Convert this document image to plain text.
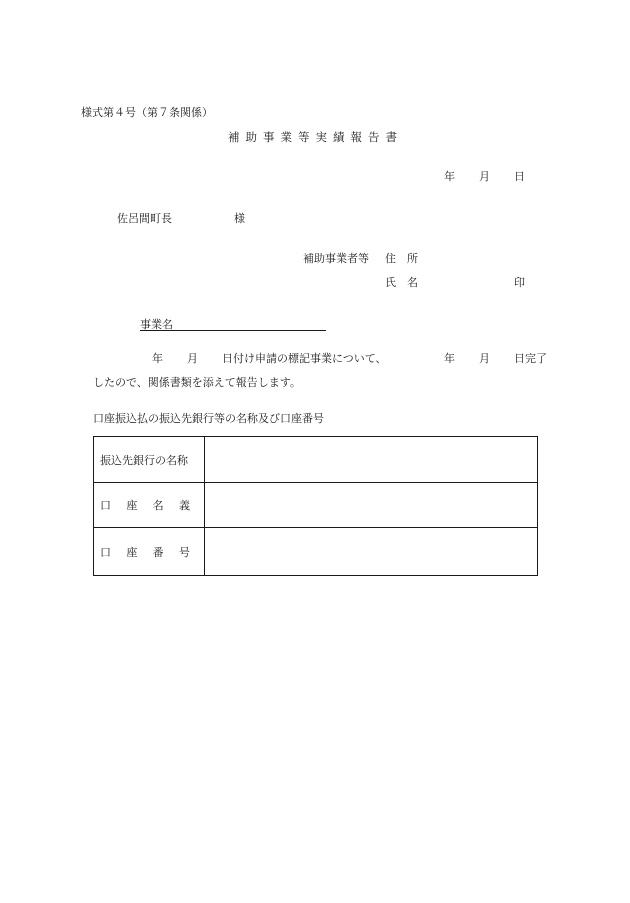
様式第４号（第７条関係）
補助事業等実績報告書
年 月 日
佐呂間町長	様
補助事業者等 住　所
氏　名	印
事業名
年 月 日付け申請の標記事業について、	年 月 日完了
したので、関係書類を添えて報告します。
口座振込払の振込先銀行等の名称及び口座番号
振込先銀行の名称	

口 座 名 義	

口 座 番 号	
